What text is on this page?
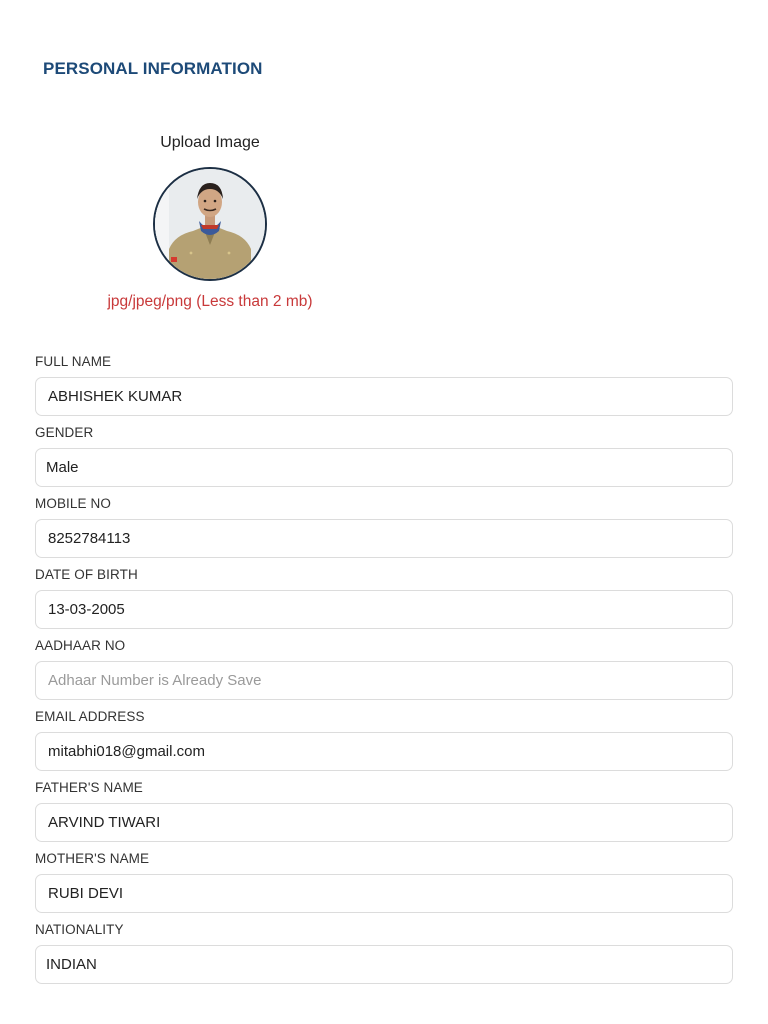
PERSONAL INFORMATION
Upload Image
jpg/jpeg/png (Less than 2 mb)
FULL NAME
ABHISHEK KUMAR
GENDER
Male
MOBILE NO
8252784113
DATE OF BIRTH
13-03-2005
AADHAAR NO
Adhaar Number is Already Save
EMAIL ADDRESS
mitabhi018@gmail.com
FATHER'S NAME
ARVIND TIWARI
MOTHER'S NAME
RUBI DEVI
NATIONALITY
INDIAN
